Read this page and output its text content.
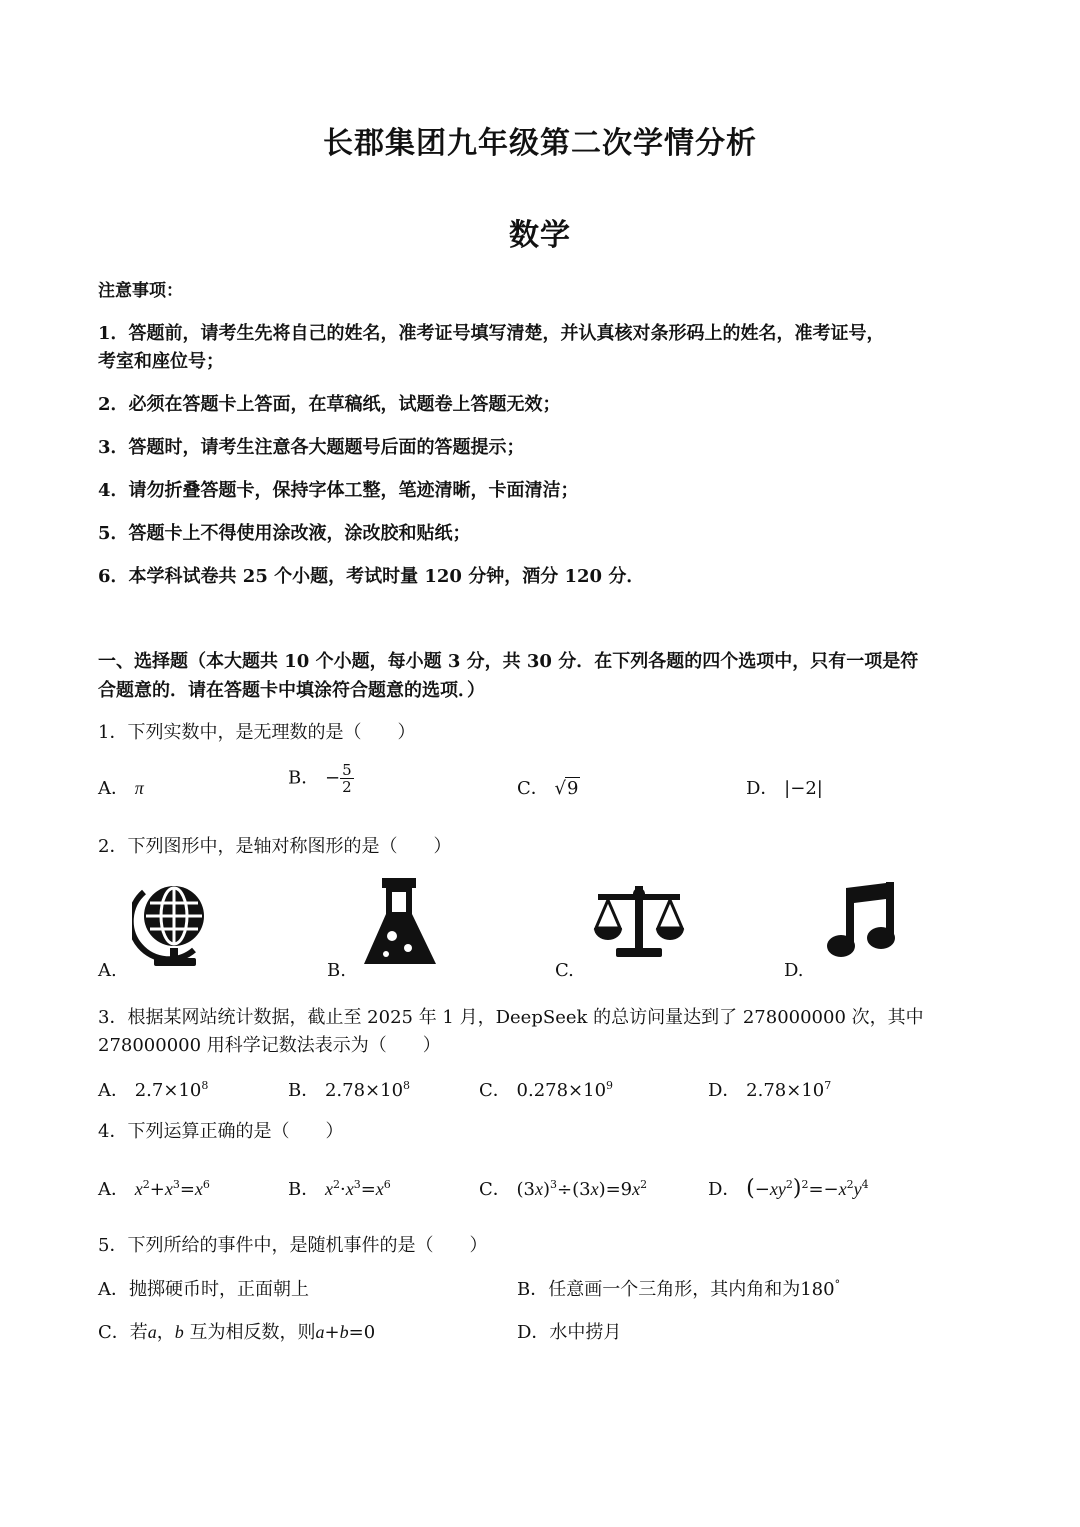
长郡集团九年级第二次学情分析
数学
注意事项：
1．答题前，请考生先将自己的姓名，准考证号填写清楚，并认真核对条形码上的姓名，准考证号，
考室和座位号；
2．必须在答题卡上答面，在草稿纸，试题卷上答题无效；
3．答题时，请考生注意各大题题号后面的答题提示；
4．请勿折叠答题卡，保持字体工整，笔迹清晰，卡面清洁；
5．答题卡上不得使用涂改液，涂改胶和贴纸；
6．本学科试卷共 25 个小题，考试时量 120 分钟，酒分 120 分．
一、选择题（本大题共 10 个小题，每小题 3 分，共 30 分．在下列各题的四个选项中，只有一项是符
合题意的．请在答题卡中填涂符合题意的选项．）
1．下列实数中，是无理数的是（　　）
A． π	B． − $\frac{5}{2}$	C． √9	D． |−2|
2．下列图形中，是轴对称图形的是（　　）
A.	B.	C.	D.
3．根据某网站统计数据，截止至 2025 年 1 月，DeepSeek 的总访问量达到了 278000000 次，其中
278000000 用科学记数法表示为（　　）
A． $2.7\times 10^8$	B． $2.78\times 10^8$	C． $0.278\times 10^9$	D． $2.78\times 10^7$
4．下列运算正确的是（　　）
A． $x^2+x^3=x^6$	B． $x^2\cdot x^3=x^6$	C． $(3x)^3\div(3x)=9x^2$	D． $(-xy^2)^2=-x^2y^4$
5．下列所给的事件中，是随机事件的是（　　）
A．抛掷硬币时，正面朝上	B．任意画一个三角形，其内角和为180°
C．若a，b 互为相反数，则a+b=0	D．水中捞月
